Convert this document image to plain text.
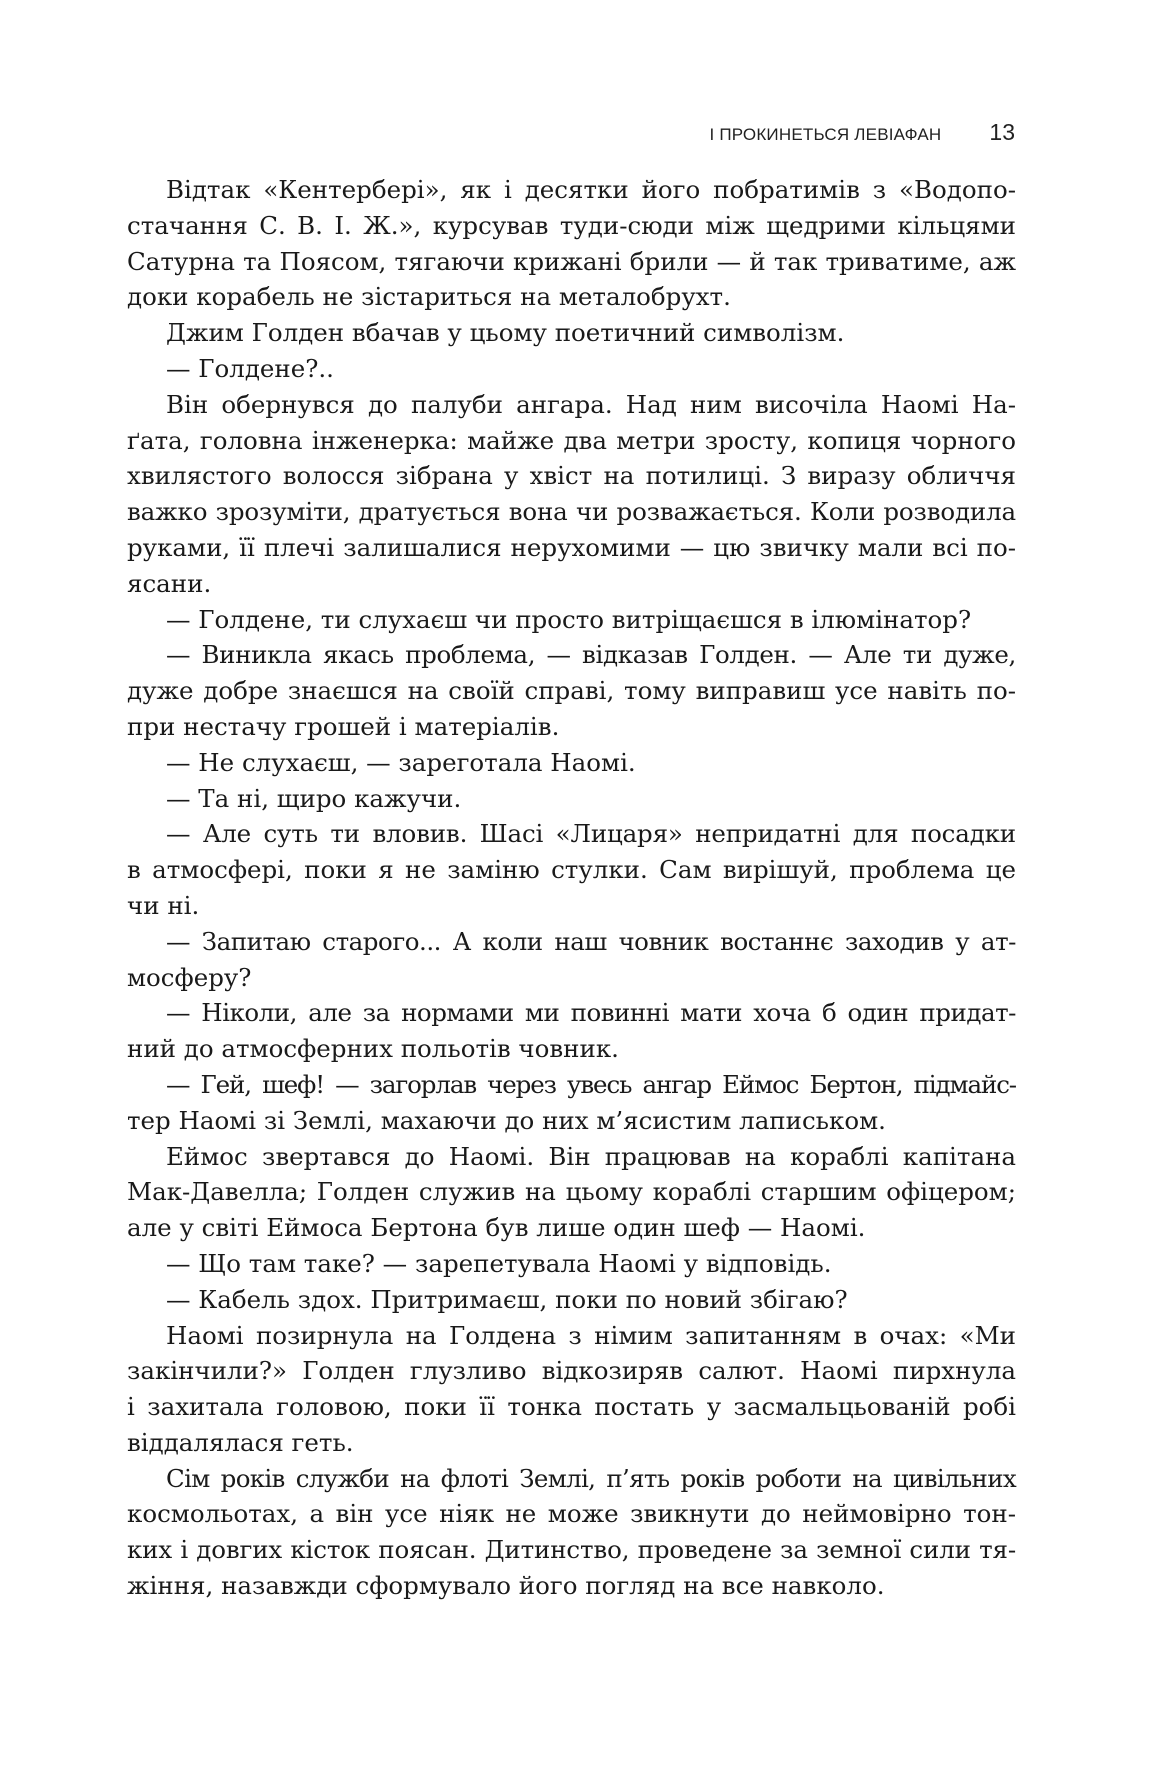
І ПРОКИНЕТЬСЯ ЛЕВІАФАН 13
Відтак «Кентербері», як і десятки його побратимів з «Водопо-
стачання С. В. І. Ж.», курсував туди-сюди між щедрими кільцями
Сатурна та Поясом, тягаючи крижані брили — й так триватиме, аж
доки корабель не зістариться на металобрухт.
Джим Голден вбачав у цьому поетичний символізм.
— Голдене?..
Він обернувся до палуби ангара. Над ним височіла Наомі На-
ґата, головна інженерка: майже два метри зросту, копиця чорного
хвилястого волосся зібрана у хвіст на потилиці. З виразу обличчя
важко зрозуміти, дратується вона чи розважається. Коли розводила
руками, її плечі залишалися нерухомими — цю звичку мали всі по-
ясани.
— Голдене, ти слухаєш чи просто витріщаєшся в ілюмінатор?
— Виникла якась проблема, — відказав Голден. — Але ти дуже,
дуже добре знаєшся на своїй справі, тому виправиш усе навіть по-
при нестачу грошей і матеріалів.
— Не слухаєш, — зареготала Наомі.
— Та ні, щиро кажучи.
— Але суть ти вловив. Шасі «Лицаря» непридатні для посадки
в атмосфері, поки я не заміню стулки. Сам вирішуй, проблема це
чи ні.
— Запитаю старого... А коли наш човник востаннє заходив у ат-
мосферу?
— Ніколи, але за нормами ми повинні мати хоча б один придат-
ний до атмосферних польотів човник.
— Гей, шеф! — загорлав через увесь ангар Еймос Бертон, підмайс-
тер Наомі зі Землі, махаючи до них м’ясистим лаписьком.
Еймос звертався до Наомі. Він працював на кораблі капітана
Мак-Давелла; Голден служив на цьому кораблі старшим офіцером;
але у світі Еймоса Бертона був лише один шеф — Наомі.
— Що там таке? — зарепетувала Наомі у відповідь.
— Кабель здох. Притримаєш, поки по новий збігаю?
Наомі позирнула на Голдена з німим запитанням в очах: «Ми
закінчили?» Голден глузливо відкозиряв салют. Наомі пирхнула
і захитала головою, поки її тонка постать у засмальцьованій робі
віддалялася геть.
Сім років служби на флоті Землі, п’ять років роботи на цивільних
космольотах, а він усе ніяк не може звикнути до неймовірно тон-
ких і довгих кісток поясан. Дитинство, проведене за земної сили тя-
жіння, назавжди сформувало його погляд на все навколо.
